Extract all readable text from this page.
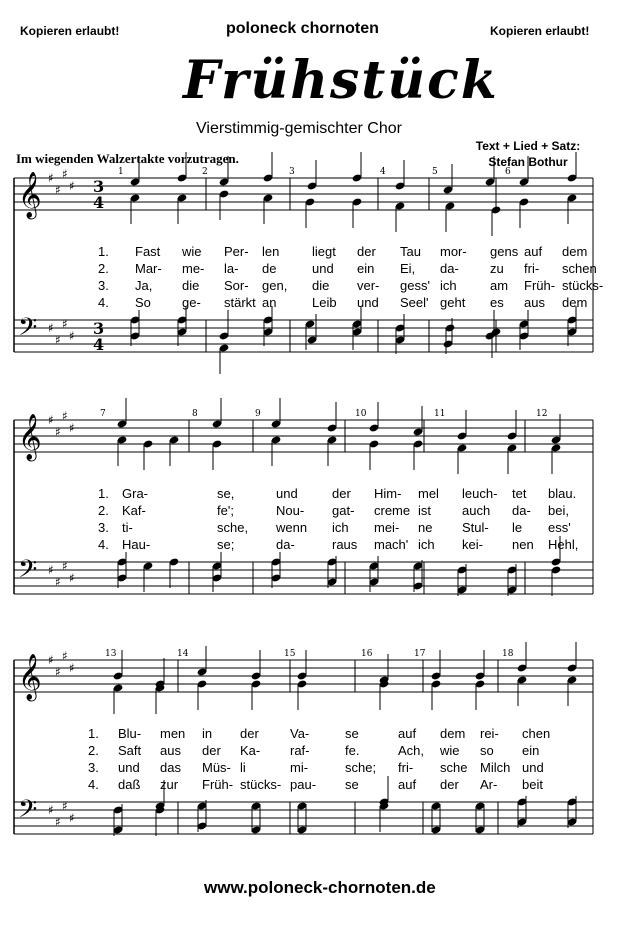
Kopieren erlaubt!	poloneck chornoten	Kopieren erlaubt!
Frühstück
Vierstimmig-gemischter Chor
Text + Lied + Satz:
Stefan Bothur
Im wiegenden Walzertakte vorzutragen.
𝄞 ♯
♯
♯
♯ 3
4
𝄢 ♯
♯
♯
♯ 3
4
1	2	3	4	5	6
𝄞 ♯
♯
♯
♯
𝄢 ♯
♯
♯
♯
7	8	9	10	11	12
𝄞 ♯
♯
♯
♯
𝄢 ♯
♯
♯
♯
13	14	15	16	17	18
1. Fast wie Per- len	liegt der Tau mor- gens auf dem
2. Mar- me- la- de	und ein Ei, da- zu fri- schen
3. Ja, die Sor- gen, die ver- gess' ich	am Früh- stücks-
4. So ge- stärkt an	Leib und Seel' geht es aus dem
1. Gra-	se,	und	der Him- mel leuch- tet blau.
2. Kaf-	fe';	Nou- gat- creme ist auch da- bei,
3. ti-	sche, wenn ich mei- ne Stul- le ess'
4. Hau-	se;	da-	raus mach' ich kei- nen Hehl,
1. Blu- men in der Va-	se	auf dem rei- chen
2. Saft aus der Ka- raf-	fe.	Ach, wie so ein
3. und das Müs- li	mi-	sche; fri- sche Milch und
4. daß zur Früh- stücks- pau- se	auf der Ar- beit
www.poloneck-chornoten.de
